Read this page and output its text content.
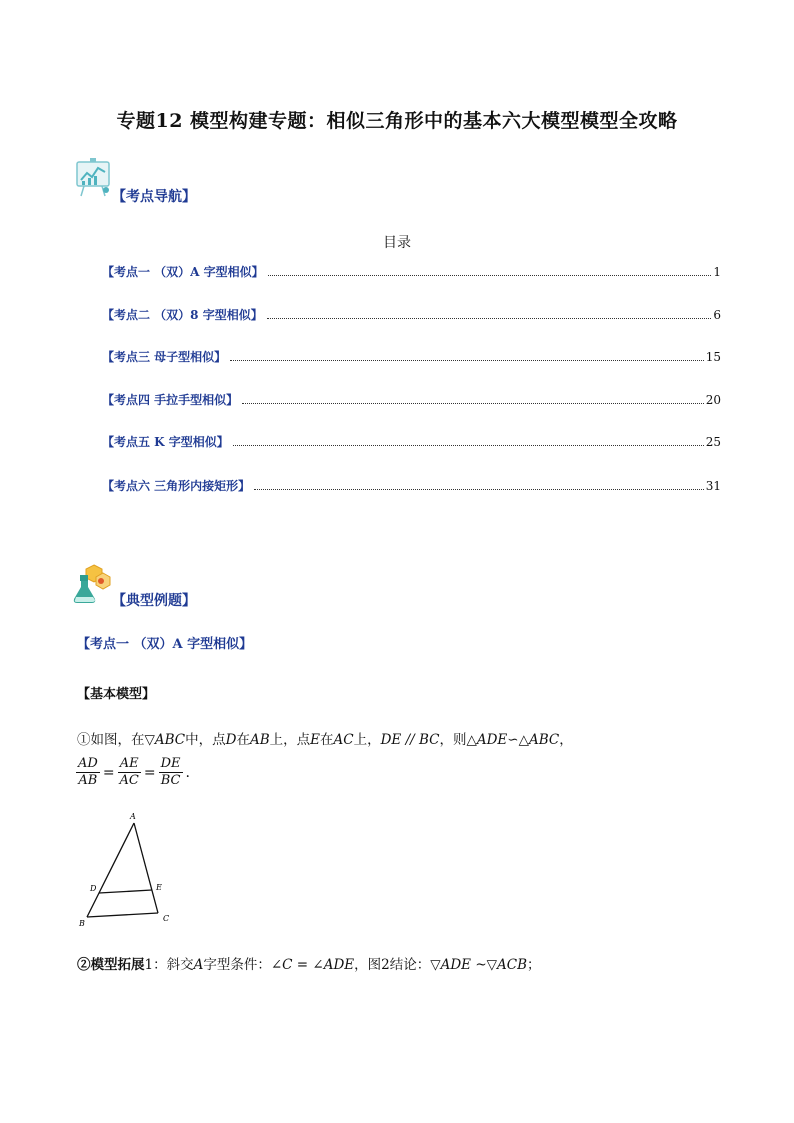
专题12 模型构建专题：相似三角形中的基本六大模型模型全攻略
【考点导航】
目录
【考点一 （双）A 字型相似】	1
【考点二 （双）8 字型相似】	6
【考点三 母子型相似】	15
【考点四 手拉手型相似】	20
【考点五 K 字型相似】	25
【考点六 三角形内接矩形】	31
【典型例题】
【考点一 （双）A 字型相似】
【基本模型】
①如图，在▽ABC中，点D在AB上，点E在AC上，DE // BC，则△ADE∽△ABC，
$\frac{AD}{AB} = \frac{AE}{AC} = \frac{DE}{BC}$ .
A
D	E
B
C
②模型拓展1：斜交A字型条件：∠C = ∠ADE，图2结论：▽ADE ~▽ACB；
